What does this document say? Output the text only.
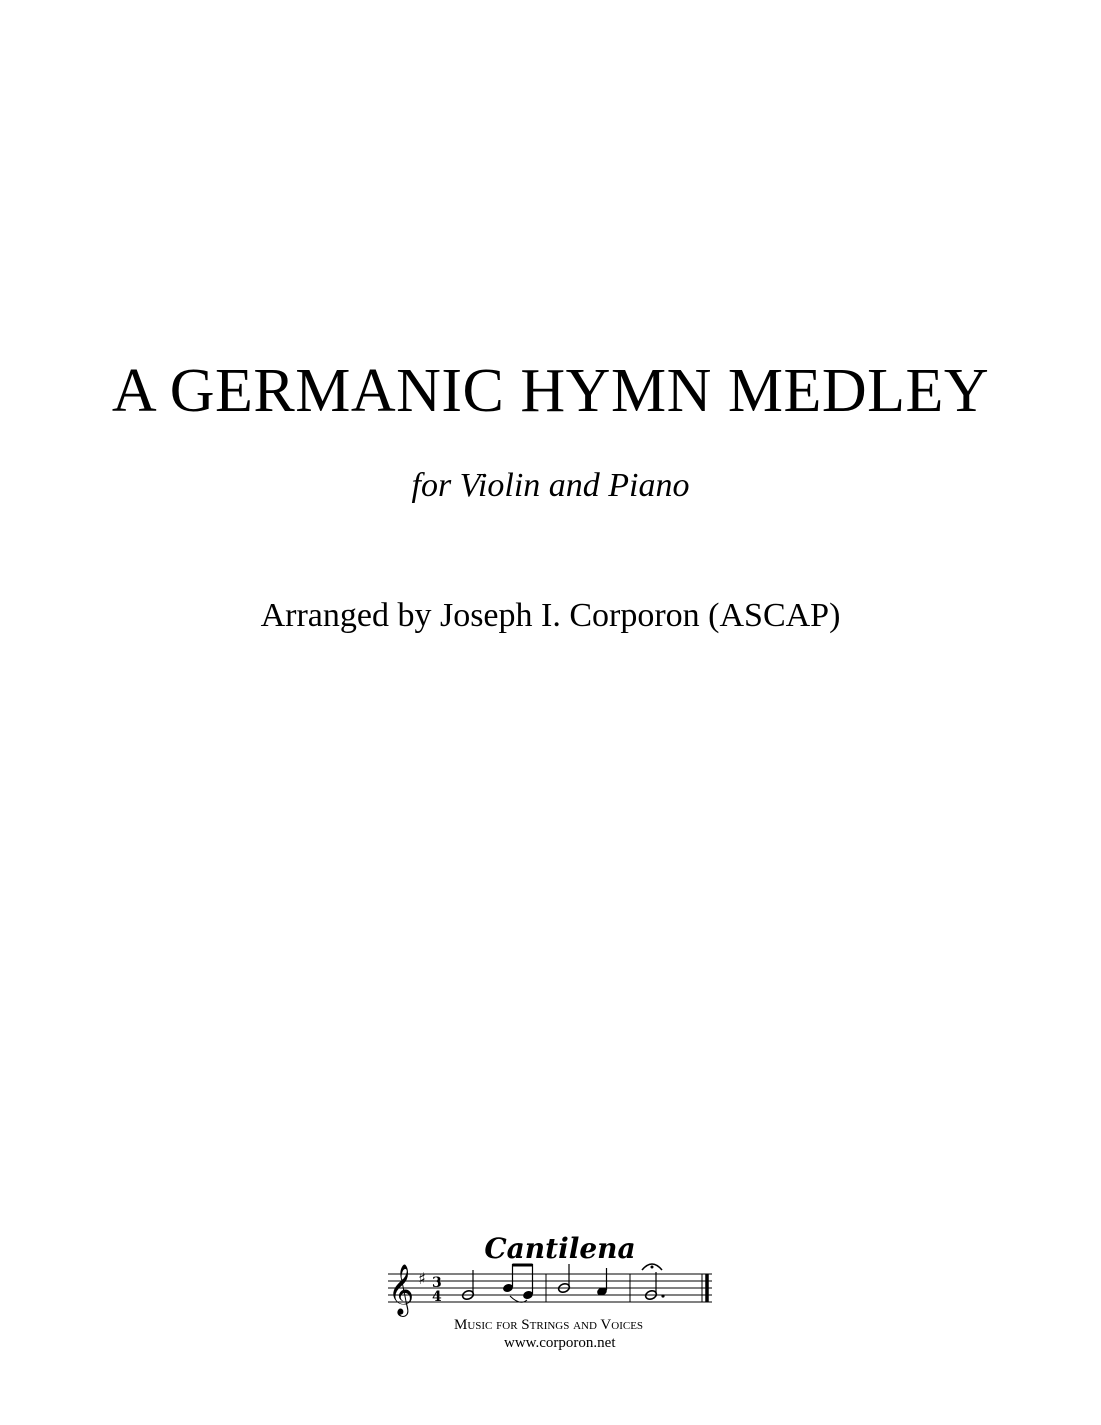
A GERMANIC HYMN MEDLEY
for Violin and Piano
Arranged by Joseph I. Corporon (ASCAP)
Cantilena
𝄞 ♯ 3
4
Music for Strings and Voices
www.corporon.net
